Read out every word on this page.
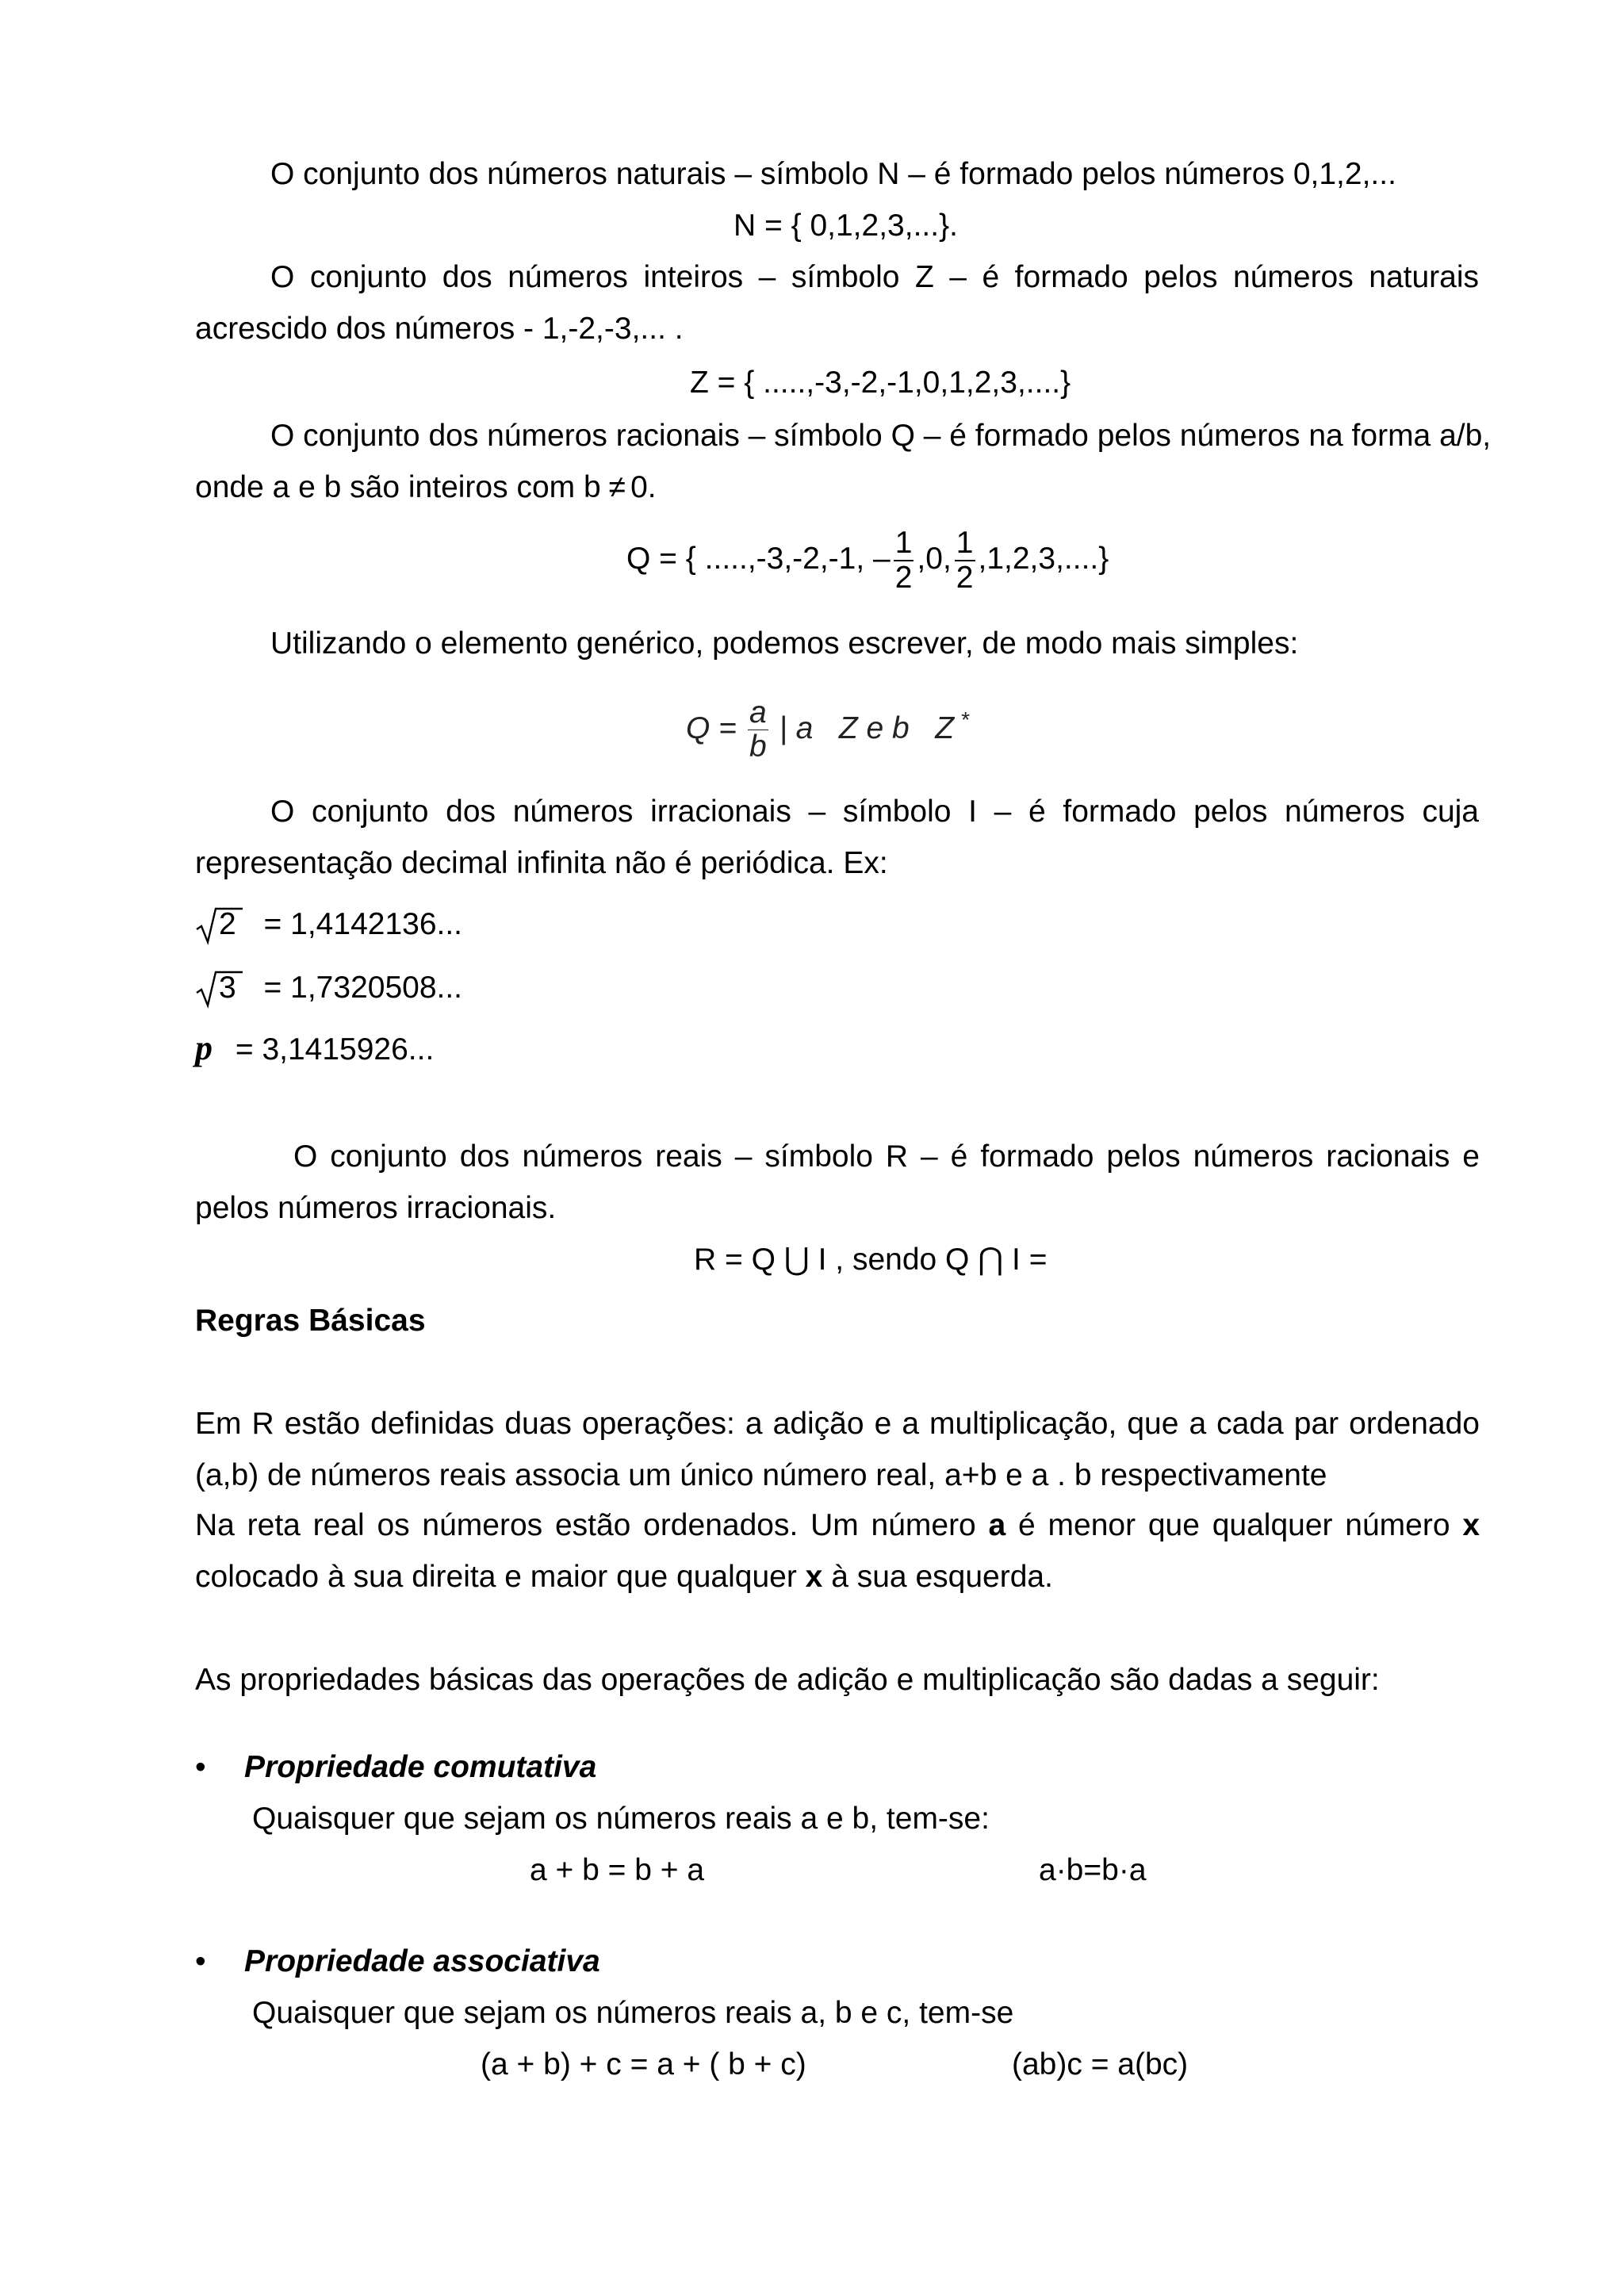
O conjunto dos números naturais – símbolo N – é formado pelos números 0,1,2,...
N = { 0,1,2,3,...}.
O conjunto dos números inteiros – símbolo Z – é formado pelos números naturais
acrescido dos números - 1,-2,-3,... .
Z = { .....,-3,-2,-1,0,1,2,3,....}
O conjunto dos números racionais – símbolo Q – é formado pelos números na forma a/b,
onde a e b são inteiros com b ≠ 0.
Q = { .....,-3,-2,-1, – $\frac{1}{2} ,0$, $\frac{1}{2} ,1,2,3$,....}
Utilizando o elemento genérico, podemos escrever, de modo mais simples:
$Q = \frac{a}{b}$ | a   Z e b   Z *
O conjunto dos números irracionais – símbolo I – é formado pelos números cuja
representação decimal infinita não é periódica. Ex:
2 = 1,4142136...
3 = 1,7320508...
p = 3,1415926...
O conjunto dos números reais – símbolo R – é formado pelos números racionais e
pelos números irracionais.
R = Q ⋃ I , sendo Q ⋂ I =
Regras Básicas
Em R estão definidas duas operações: a adição e a multiplicação, que a cada par ordenado
(a,b) de números reais associa um único número real, a+b e a . b respectivamente
Na reta real os números estão ordenados. Um número a é menor que qualquer número x
colocado à sua direita e maior que qualquer x à sua esquerda.
As propriedades básicas das operações de adição e multiplicação são dadas a seguir:
• Propriedade comutativa
Quaisquer que sejam os números reais a e b, tem-se:
a + b = b + a	a·b=b·a
• Propriedade associativa
Quaisquer que sejam os números reais a, b e c, tem-se
(a + b) + c = a + ( b + c)	(ab)c = a(bc)
